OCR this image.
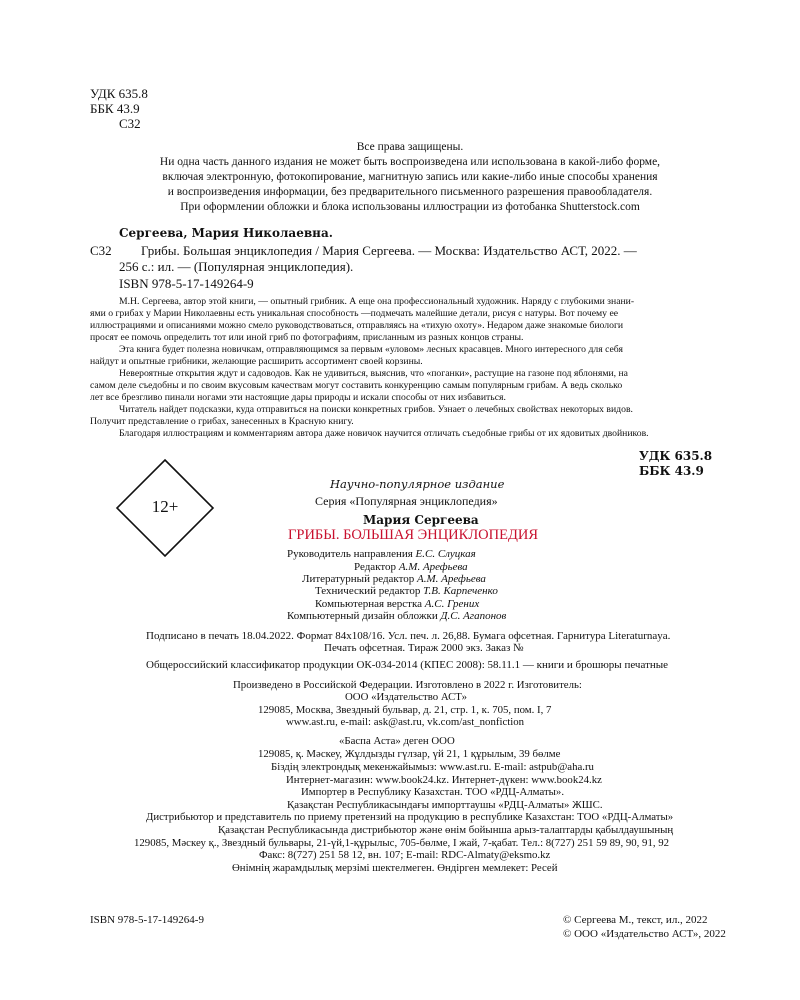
УДК 635.8
ББК 43.9
С32
Все права защищены.
Ни одна часть данного издания не может быть воспроизведена или использована в какой-либо форме,
включая электронную, фотокопирование, магнитную запись или какие-либо иные способы хранения
и воспроизведения информации, без предварительного письменного разрешения правообладателя.
При оформлении обложки и блока использованы иллюстрации из фотобанка Shutterstock.com
Сергеева, Мария Николаевна.
С32 Грибы. Большая энциклопедия / Мария Сергеева. — Москва: Издательство АСТ, 2022. —
256 с.: ил. — (Популярная энциклопедия).
ISBN 978-5-17-149264-9
М.Н. Сергеева, автор этой книги, — опытный грибник. А еще она профессиональный художник. Наряду с глубокими знани-
ями о грибах у Марии Николаевны есть уникальная способность —подмечать малейшие детали, рисуя с натуры. Вот почему ее
иллюстрациями и описаниями можно смело руководствоваться, отправляясь на «тихую охоту». Недаром даже знакомые биологи
просят ее помочь определить тот или иной гриб по фотографиям, присланным из разных концов страны.
Эта книга будет полезна новичкам, отправляющимся за первым «уловом» лесных красавцев. Много интересного для себя
найдут и опытные грибники, желающие расширить ассортимент своей корзины.
Невероятные открытия ждут и садоводов. Как не удивиться, выяснив, что «поганки», растущие на газоне под яблонями, на
самом деле съедобны и по своим вкусовым качествам могут составить конкуренцию самым популярным грибам. А ведь сколько
лет все брезгливо пинали ногами эти настоящие дары природы и искали способы от них избавиться.
Читатель найдет подсказки, куда отправиться на поиски конкретных грибов. Узнает о лечебных свойствах некоторых видов.
Получит представление о грибах, занесенных в Красную книгу.
Благодаря иллюстрациям и комментариям автора даже новичок научится отличать съедобные грибы от их ядовитых двойников.
УДК 635.8
ББК 43.9
12+
Научно-популярное издание
Серия «Популярная энциклопедия»
Мария Сергеева
ГРИБЫ. БОЛЬШАЯ ЭНЦИКЛОПЕДИЯ
Руководитель направления Е.С. Слуцкая
Редактор А.М. Арефьева
Литературный редактор А.М. Арефьева
Технический редактор Т.В. Карпеченко
Компьютерная верстка А.С. Грених
Компьютерный дизайн обложки Д.С. Агапонов
Подписано в печать 18.04.2022. Формат 84x108/16. Усл. печ. л. 26,88. Бумага офсетная. Гарнитура Literaturnaya.
Печать офсетная. Тираж 2000 экз. Заказ №
Общероссийский классификатор продукции ОК-034-2014 (КПЕС 2008): 58.11.1 — книги и брошюры печатные
Произведено в Российской Федерации. Изготовлено в 2022 г. Изготовитель:
ООО «Издательство АСТ»
129085, Москва, Звездный бульвар, д. 21, стр. 1, к. 705, пом. I, 7
www.ast.ru, e-mail: ask@ast.ru, vk.com/ast_nonfiction
«Баспа Аста» деген ООО
129085, қ. Мәскеу, Жұлдызды гүлзар, үй 21, 1 құрылым, 39 бөлме
Біздің электрондық мекенжайымыз: www.ast.ru. E-mail: astpub@aha.ru
Интернет-магазин: www.book24.kz. Интернет-дүкен: www.book24.kz
Импортер в Республику Казахстан. ТОО «РДЦ-Алматы».
Қазақстан Республикасындағы импорттаушы «РДЦ-Алматы» ЖШС.
Дистрибьютор и представитель по приему претензий на продукцию в республике Казахстан: ТОО «РДЦ-Алматы»
Қазақстан Республикасында дистрибьютор және өнім бойынша арыз-талаптарды қабылдаушының
129085, Мәскеу қ., Звездный бульвары, 21-үй,1-құрылыс, 705-бөлме, I жай, 7-қабат. Тел.: 8(727) 251 59 89, 90, 91, 92
Факс: 8(727) 251 58 12, вн. 107; E-mail: RDC-Almaty@eksmo.kz
Өнімнің жарамдылық мерзімі шектелмеген. Өндірген мемлекет: Ресей
ISBN 978-5-17-149264-9	© Сергеева М., текст, ил., 2022
© ООО «Издательство АСТ», 2022
